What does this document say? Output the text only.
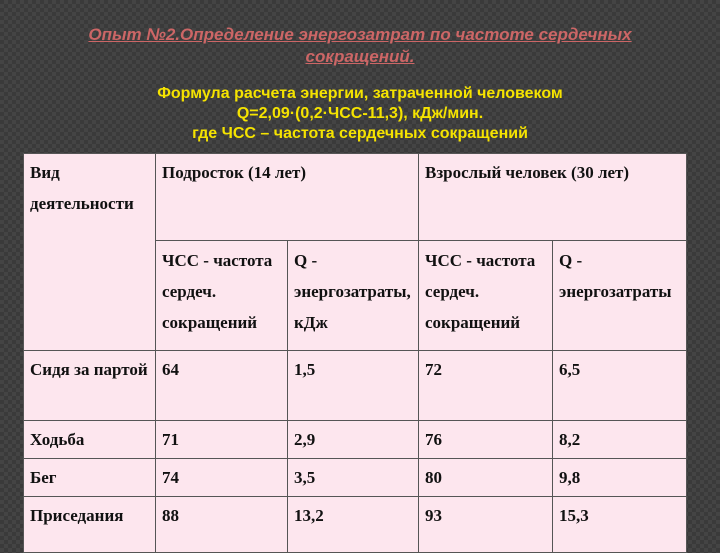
Опыт №2.Определение энергозатрат по частоте сердечных
сокращений.
Формула расчета энергии, затраченной человеком
Q=2,09·(0,2·ЧСС-11,3), кДж/мин.
где ЧСС – частота сердечных сокращений
Вид деятельности	Подросток (14 лет)		Взрослый человек (30 лет)	

	ЧСС - частота сердеч. сокращений	Q - энергозатраты, кДж	ЧСС - частота сердеч. сокращений	Q - энергозатраты

Сидя за партой	64	1,5	72	6,5
Ходьба	71	2,9	76	8,2
Бег	74	3,5	80	9,8
Приседания	88	13,2	93	15,3
